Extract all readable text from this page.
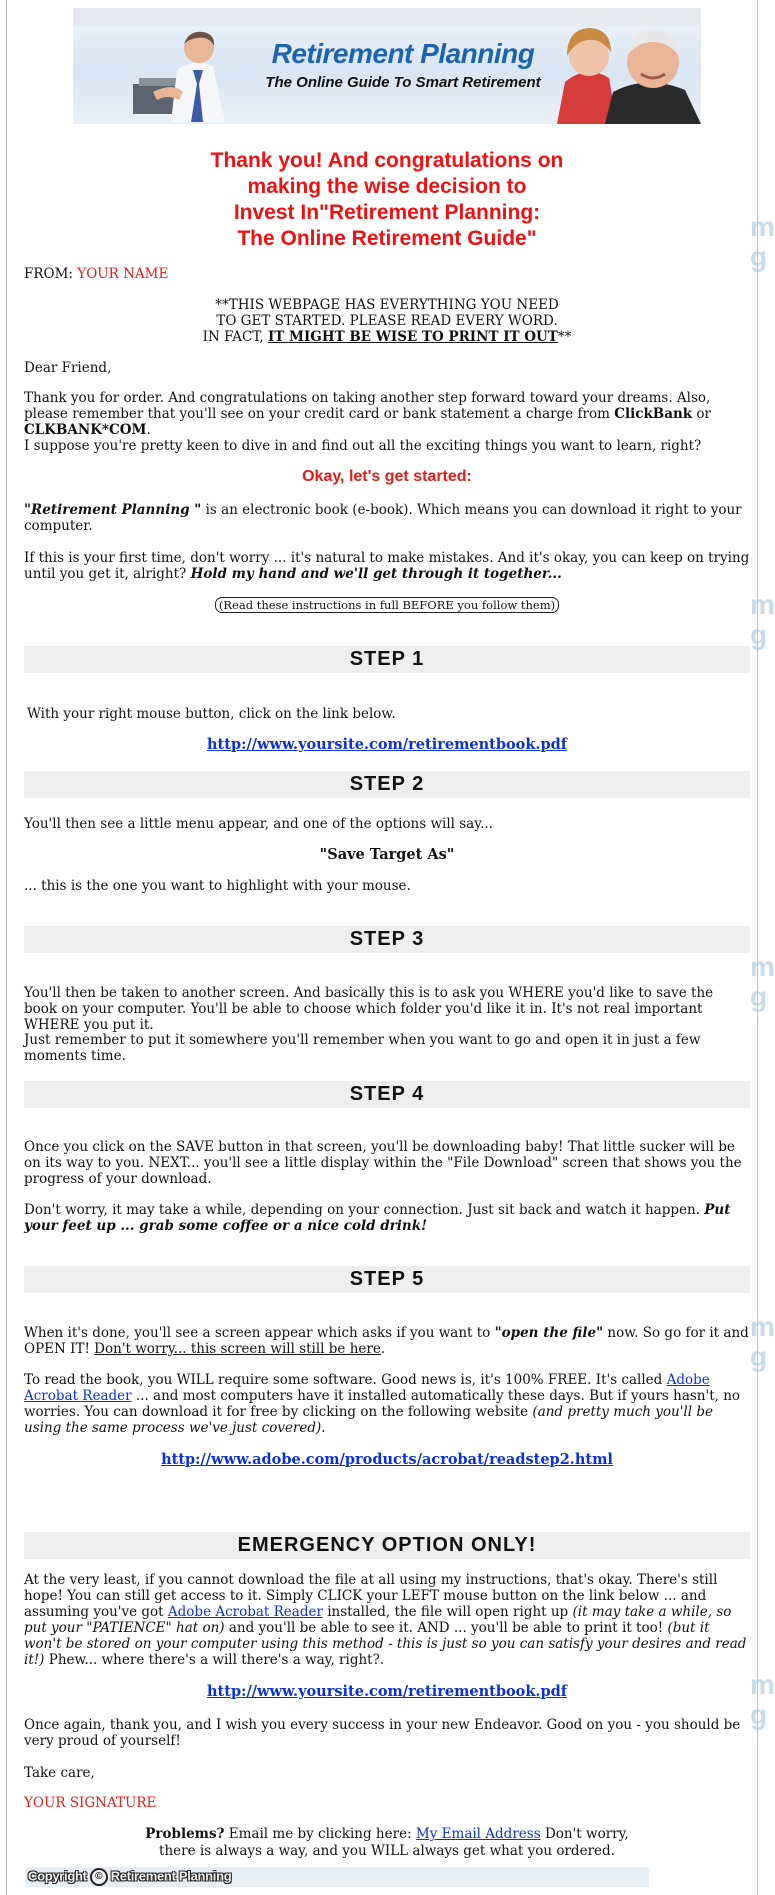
m
g
m
g
m
g
m
g
m
g
Retirement Planning
The Online Guide To Smart Retirement
Thank you! And congratulations on
making the wise decision to
Invest In"Retirement Planning:
The Online Retirement Guide"
FROM: YOUR NAME
**THIS WEBPAGE HAS EVERYTHING YOU NEED
TO GET STARTED. PLEASE READ EVERY WORD.
IN FACT, IT MIGHT BE WISE TO PRINT IT OUT**
Dear Friend,
Thank you for order. And congratulations on taking another step forward toward your dreams. Also, please remember that you'll see on your credit card or bank statement a charge from ClickBank or CLKBANK*COM.
I suppose you're pretty keen to dive in and find out all the exciting things you want to learn, right?
Okay, let's get started:
"Retirement Planning " is an electronic book (e-book). Which means you can download it right to your computer.
If this is your first time, don't worry ... it's natural to make mistakes. And it's okay, you can keep on trying until you get it, alright? Hold my hand and we'll get through it together...
(Read these instructions in full BEFORE you follow them)
STEP 1
With your right mouse button, click on the link below.
http://www.yoursite.com/retirementbook.pdf
STEP 2
You'll then see a little menu appear, and one of the options will say...
"Save Target As"
... this is the one you want to highlight with your mouse.
STEP 3
You'll then be taken to another screen. And basically this is to ask you WHERE you'd like to save the book on your computer. You'll be able to choose which folder you'd like it in. It's not real important WHERE you put it.
Just remember to put it somewhere you'll remember when you want to go and open it in just a few moments time.
STEP 4
Once you click on the SAVE button in that screen, you'll be downloading baby! That little sucker will be on its way to you. NEXT... you'll see a little display within the "File Download" screen that shows you the progress of your download.
Don't worry, it may take a while, depending on your connection. Just sit back and watch it happen. Put your feet up ... grab some coffee or a nice cold drink!
STEP 5
When it's done, you'll see a screen appear which asks if you want to "open the file" now. So go for it and OPEN IT! Don't worry... this screen will still be here.
To read the book, you WILL require some software. Good news is, it's 100% FREE. It's called Adobe Acrobat Reader ... and most computers have it installed automatically these days. But if yours hasn't, no worries. You can download it for free by clicking on the following website (and pretty much you'll be using the same process we've just covered).
http://www.adobe.com/products/acrobat/readstep2.html
EMERGENCY OPTION ONLY!
At the very least, if you cannot download the file at all using my instructions, that's okay. There's still hope! You can still get access to it. Simply CLICK your LEFT mouse button on the link below ... and assuming you've got Adobe Acrobat Reader installed, the file will open right up (it may take a while, so put your "PATIENCE" hat on) and you'll be able to see it. AND ... you'll be able to print it too! (but it won't be stored on your computer using this method - this is just so you can satisfy your desires and read it!) Phew... where there's a will there's a way, right?.
http://www.yoursite.com/retirementbook.pdf
Once again, thank you, and I wish you every success in your new Endeavor. Good on you - you should be very proud of yourself!
Take care,
YOUR SIGNATURE
Problems? Email me by clicking here: My Email Address Don't worry,
there is always a way, and you WILL always get what you ordered.
Copyright © Retirement Planning
